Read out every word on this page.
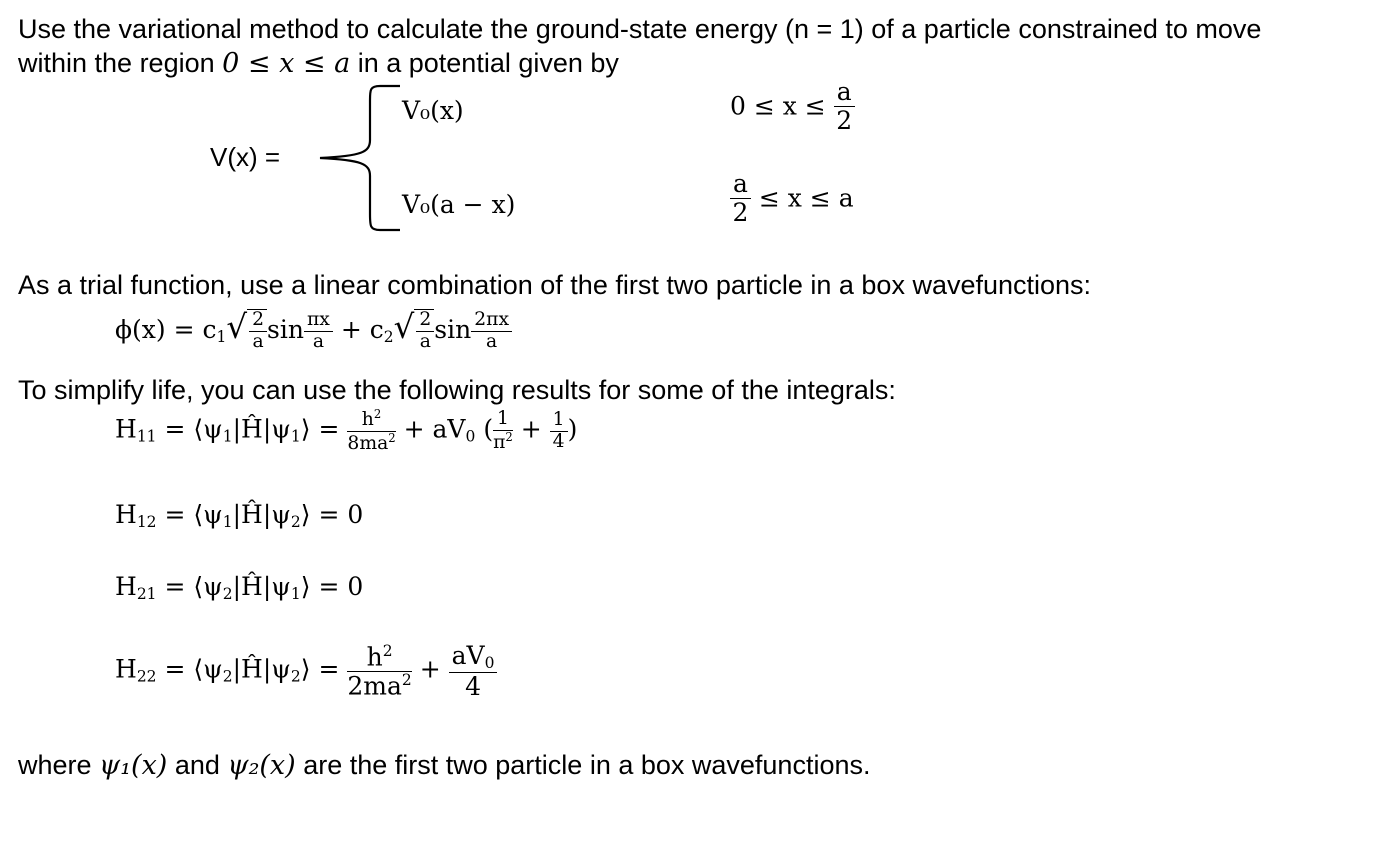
Use the variational method to calculate the ground-state energy (n = 1) of a particle constrained to move
within the region 0 ≤ x ≤ a in a potential given by
V(x) =
V₀(x)
V₀(a − x)
$0 \le x \le \frac{a}{2}$
$\frac{a}{2} \le x \le a$
As a trial function, use a linear combination of the first two particle in a box wavefunctions:
$\phi(x) = c_1√ \frac{2}{a}$ $\sin \frac{\pi x}{a} + c_2√ \frac{2}{a}$ $\sin \frac{2\pi x}{a}$
To simplify life, you can use the following results for some of the integrals:
$H_{11}$ = $⟨\psi_1|Ĥ|\psi_1⟩ = \frac{h^2}{8ma^2} + aV_0$ ( $\frac{1}{\pi^2} + \frac{1}{4}$ )
$H_{12}$ = $⟨\psi_1|Ĥ|\psi_2⟩ = 0$
$H_{21}$ = $⟨\psi_2|Ĥ|\psi_1⟩ = 0$
$H_{22}$ = $⟨\psi_2|Ĥ|\psi_2⟩ = \frac{h^2}{2ma^2} + \frac{aV_0}{4}$
where ψ₁(x) and ψ₂(x) are the first two particle in a box wavefunctions.
